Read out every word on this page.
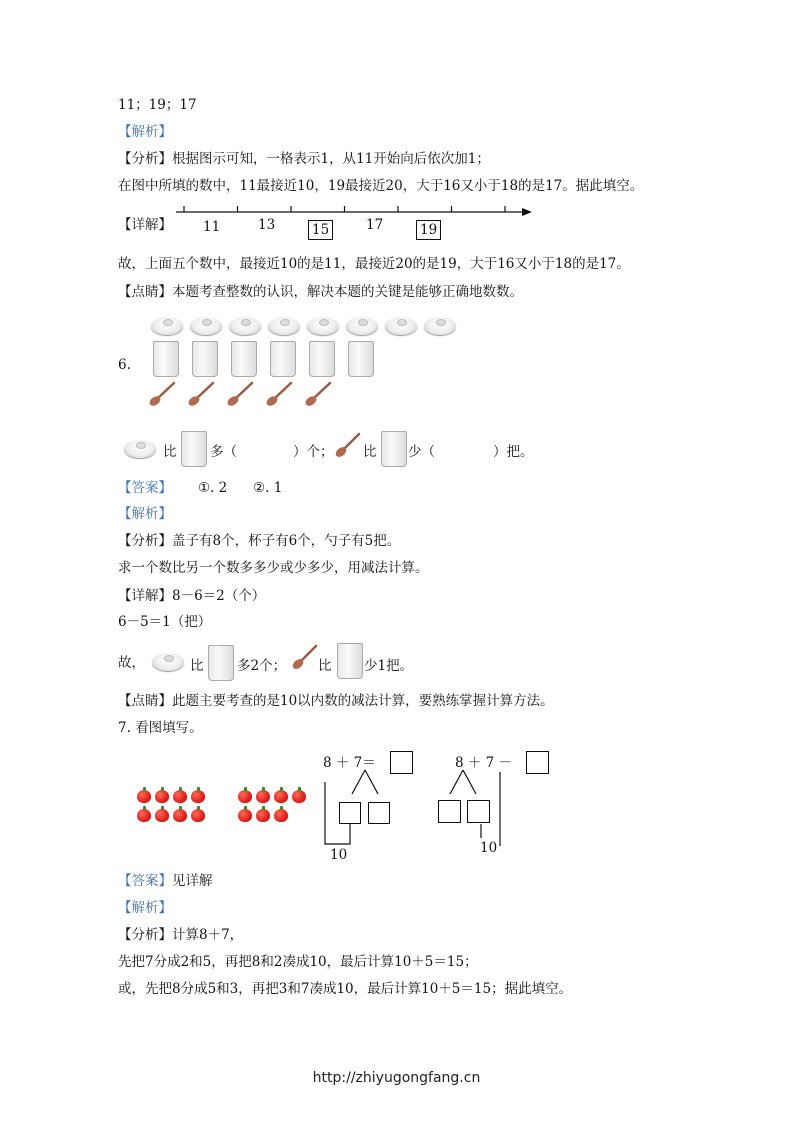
11；19；17
【解析】
【分析】根据图示可知，一格表示1，从11开始向后依次加1；
在图中所填的数中，11最接近10，19最接近20，大于16又小于18的是17。据此填空。
【详解】 11	13	15	17	19
故，上面五个数中，最接近10的是11，最接近20的是19，大于16又小于18的是17。
【点睛】本题考查整数的认识，解决本题的关键是能够正确地数数。
6.
比 多（	）个； 比 少（	）把。
【答案】 ①. 2      ②. 1
【解析】
【分析】盖子有8个，杯子有6个，勺子有5把。
求一个数比另一个数多多少或少多少，用减法计算。
【详解】8－6＝2（个）
6－5＝1（把）
故，	比 多2个； 比 少1把。
【点睛】此题主要考查的是10以内数的减法计算，要熟练掌握计算方法。
7. 看图填写。
8 ＋ 7＝
10
8 ＋ 7 －
10
【答案】见详解
【解析】
【分析】计算8＋7，
先把7分成2和5，再把8和2凑成10，最后计算10＋5＝15；
或，先把8分成5和3，再把3和7凑成10，最后计算10＋5＝15；据此填空。
http://zhiyugongfang.cn
